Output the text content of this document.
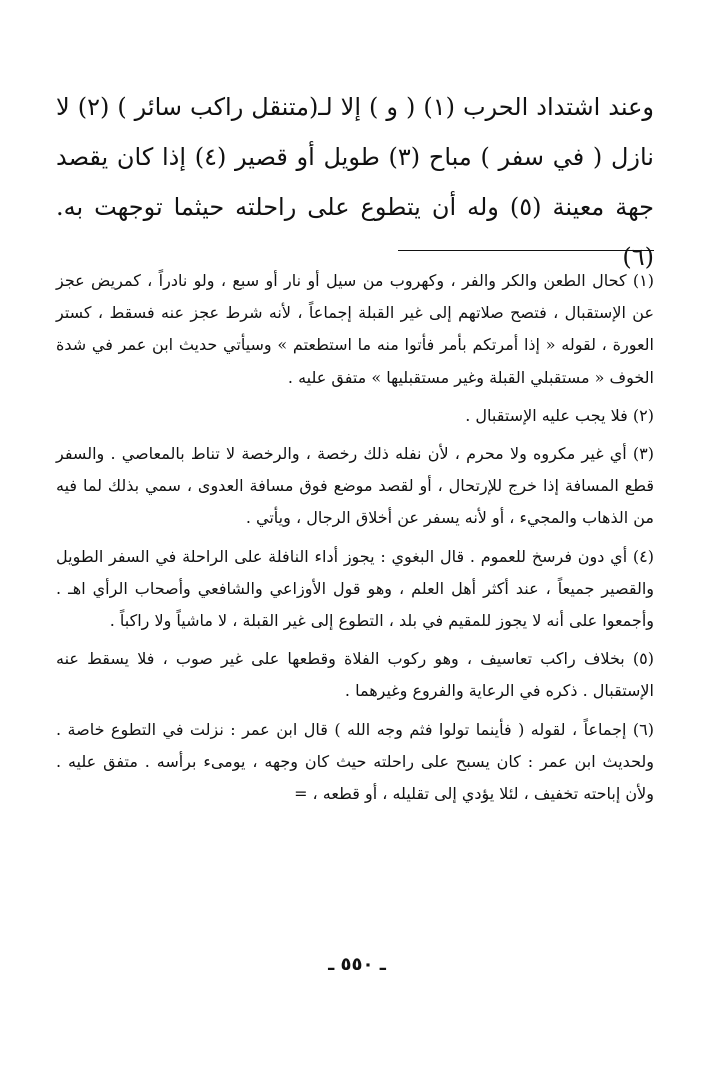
وعند اشتداد الحرب (١) ( و ) إلا لـ(متنقل راكب سائر ) (٢) لا نازل ( في سفر ) مباح (٣) طويل أو قصير (٤) إذا كان يقصد جهة معينة (٥) وله أن يتطوع على راحلته حيثما توجهت به. (٦)

(١) كحال الطعن والكر والفر ، وكهروب من سيل أو نار أو سبع ، ولو نادراً ، كمريض عجز عن الإستقبال ، فتصح صلاتهم إلى غير القبلة إجماعاً ، لأنه شرط عجز عنه فسقط ، كستر العورة ، لقوله « إذا أمرتكم بأمر فأتوا منه ما استطعتم » وسيأتي حديث ابن عمر في شدة الخوف « مستقبلي القبلة وغير مستقبليها » متفق عليه .

(٢) فلا يجب عليه الإستقبال .

(٣) أي غير مكروه ولا محرم ، لأن نفله ذلك رخصة ، والرخصة لا تناط بالمعاصي . والسفر قطع المسافة إذا خرج للإرتحال ، أو لقصد موضع فوق مسافة العدوى ، سمي بذلك لما فيه من الذهاب والمجيء ، أو لأنه يسفر عن أخلاق الرجال ، ويأتي .

(٤) أي دون فرسخ للعموم . قال البغوي : يجوز أداء النافلة على الراحلة في السفر الطويل والقصير جميعاً ، عند أكثر أهل العلم ، وهو قول الأوزاعي والشافعي وأصحاب الرأي اهـ . وأجمعوا على أنه لا يجوز للمقيم في بلد ، التطوع إلى غير القبلة ، لا ماشياً ولا راكباً .

(٥) بخلاف راكب تعاسيف ، وهو ركوب الفلاة وقطعها على غير صوب ، فلا يسقط عنه الإستقبال . ذكره في الرعاية والفروع وغيرهما .

(٦) إجماعاً ، لقوله ( فأينما تولوا فثم وجه الله ) قال ابن عمر : نزلت في التطوع خاصة . ولحديث ابن عمر : كان يسبح على راحلته حيث كان وجهه ، يومىء برأسه . متفق عليه . ولأن إباحته تخفيف ، لئلا يؤدي إلى تقليله ، أو قطعه ، =

ـ ٥٥٠ ـ
